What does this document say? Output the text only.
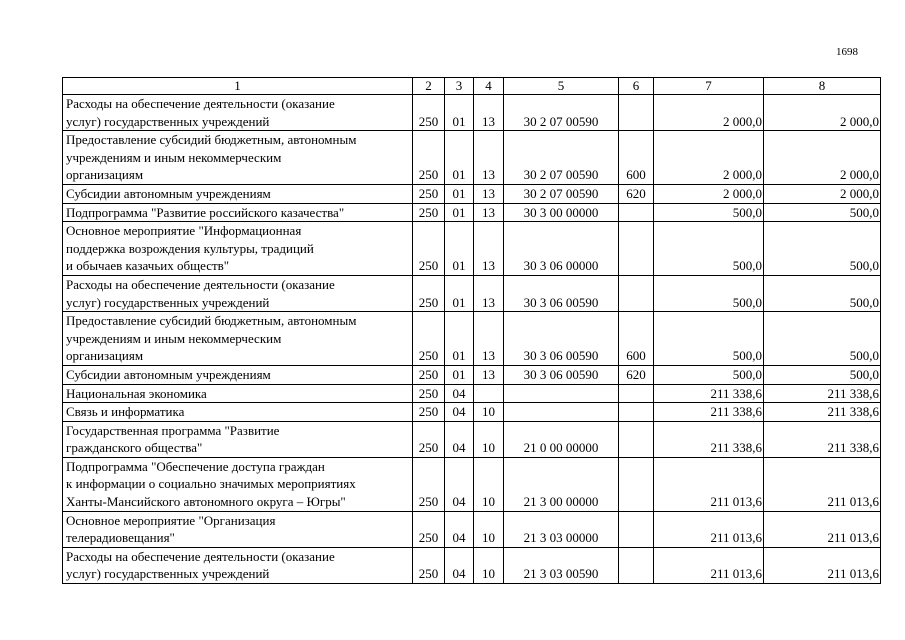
1698
1	2	3	4	5	6	7	8
Расходы на обеспечение деятельности (оказание
услуг) государственных учреждений	250	01	13	30 2 07 00590		2 000,0	2 000,0
Предоставление субсидий бюджетным, автономным
учреждениям и иным некоммерческим
организациям	250	01	13	30 2 07 00590	600	2 000,0	2 000,0
Субсидии автономным учреждениям	250	01	13	30 2 07 00590	620	2 000,0	2 000,0
Подпрограмма "Развитие российского казачества"	250	01	13	30 3 00 00000		500,0	500,0
Основное мероприятие "Информационная
поддержка возрождения культуры, традиций
и обычаев казачьих обществ"	250	01	13	30 3 06 00000		500,0	500,0
Расходы на обеспечение деятельности (оказание
услуг) государственных учреждений	250	01	13	30 3 06 00590		500,0	500,0
Предоставление субсидий бюджетным, автономным
учреждениям и иным некоммерческим
организациям	250	01	13	30 3 06 00590	600	500,0	500,0
Субсидии автономным учреждениям	250	01	13	30 3 06 00590	620	500,0	500,0
Национальная экономика	250	04				211 338,6	211 338,6
Связь и информатика	250	04	10			211 338,6	211 338,6
Государственная программа "Развитие
гражданского общества"	250	04	10	21 0 00 00000		211 338,6	211 338,6
Подпрограмма "Обеспечение доступа граждан
к информации о социально значимых мероприятиях
Ханты-Мансийского автономного округа – Югры"	250	04	10	21 3 00 00000		211 013,6	211 013,6
Основное мероприятие "Организация
телерадиовещания"	250	04	10	21 3 03 00000		211 013,6	211 013,6
Расходы на обеспечение деятельности (оказание
услуг) государственных учреждений	250	04	10	21 3 03 00590		211 013,6	211 013,6
